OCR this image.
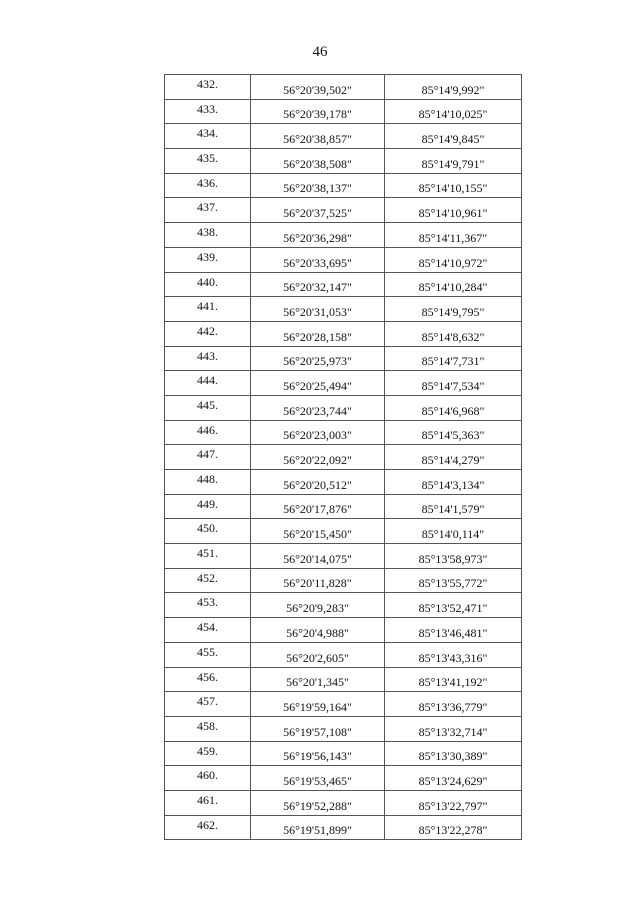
46
432.	56°20'39,502"	85°14'9,992"
433.	56°20'39,178"	85°14'10,025"
434.	56°20'38,857"	85°14'9,845"
435.	56°20'38,508"	85°14'9,791"
436.	56°20'38,137"	85°14'10,155"
437.	56°20'37,525"	85°14'10,961"
438.	56°20'36,298"	85°14'11,367"
439.	56°20'33,695"	85°14'10,972"
440.	56°20'32,147"	85°14'10,284"
441.	56°20'31,053"	85°14'9,795"
442.	56°20'28,158"	85°14'8,632"
443.	56°20'25,973"	85°14'7,731"
444.	56°20'25,494"	85°14'7,534"
445.	56°20'23,744"	85°14'6,968"
446.	56°20'23,003"	85°14'5,363"
447.	56°20'22,092"	85°14'4,279"
448.	56°20'20,512"	85°14'3,134"
449.	56°20'17,876"	85°14'1,579"
450.	56°20'15,450"	85°14'0,114"
451.	56°20'14,075"	85°13'58,973"
452.	56°20'11,828"	85°13'55,772"
453.	56°20'9,283"	85°13'52,471"
454.	56°20'4,988"	85°13'46,481"
455.	56°20'2,605"	85°13'43,316"
456.	56°20'1,345"	85°13'41,192"
457.	56°19'59,164"	85°13'36,779"
458.	56°19'57,108"	85°13'32,714"
459.	56°19'56,143"	85°13'30,389"
460.	56°19'53,465"	85°13'24,629"
461.	56°19'52,288"	85°13'22,797"
462.	56°19'51,899"	85°13'22,278"
